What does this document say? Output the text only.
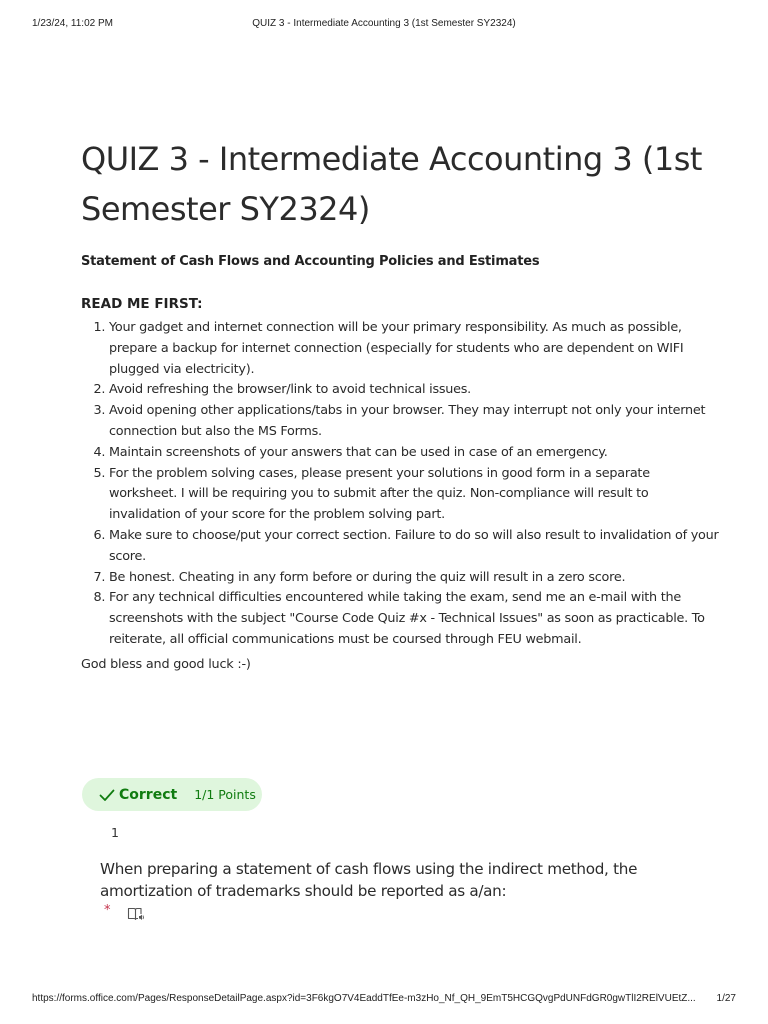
1/23/24, 11:02 PM	QUIZ 3 - Intermediate Accounting 3 (1st Semester SY2324)
QUIZ 3 - Intermediate Accounting 3 (1st Semester SY2324)
Statement of Cash Flows and Accounting Policies and Estimates
READ ME FIRST:
1. Your gadget and internet connection will be your primary responsibility. As much as possible, prepare a backup for internet connection (especially for students who are dependent on WIFI plugged via electricity).
2. Avoid refreshing the browser/link to avoid technical issues.
3. Avoid opening other applications/tabs in your browser. They may interrupt not only your internet connection but also the MS Forms.
4. Maintain screenshots of your answers that can be used in case of an emergency.
5. For the problem solving cases, please present your solutions in good form in a separate worksheet. I will be requiring you to submit after the quiz. Non-compliance will result to invalidation of your score for the problem solving part.
6. Make sure to choose/put your correct section. Failure to do so will also result to invalidation of your score.
7. Be honest. Cheating in any form before or during the quiz will result in a zero score.
8. For any technical difficulties encountered while taking the exam, send me an e-mail with the screenshots with the subject "Course Code Quiz #x - Technical Issues" as soon as practicable. To reiterate, all official communications must be coursed through FEU webmail.
God bless and good luck :-)
Correct 1/1 Points
1

When preparing a statement of cash flows using the indirect method, the amortization of trademarks should be reported as a/an:

*
https://forms.office.com/Pages/ResponseDetailPage.aspx?id=3F6kgO7V4EaddTfEe-m3zHo_Nf_QH_9EmT5HCGQvgPdUNFdGR0gwTlI2RElVUEtZ... 1/27
